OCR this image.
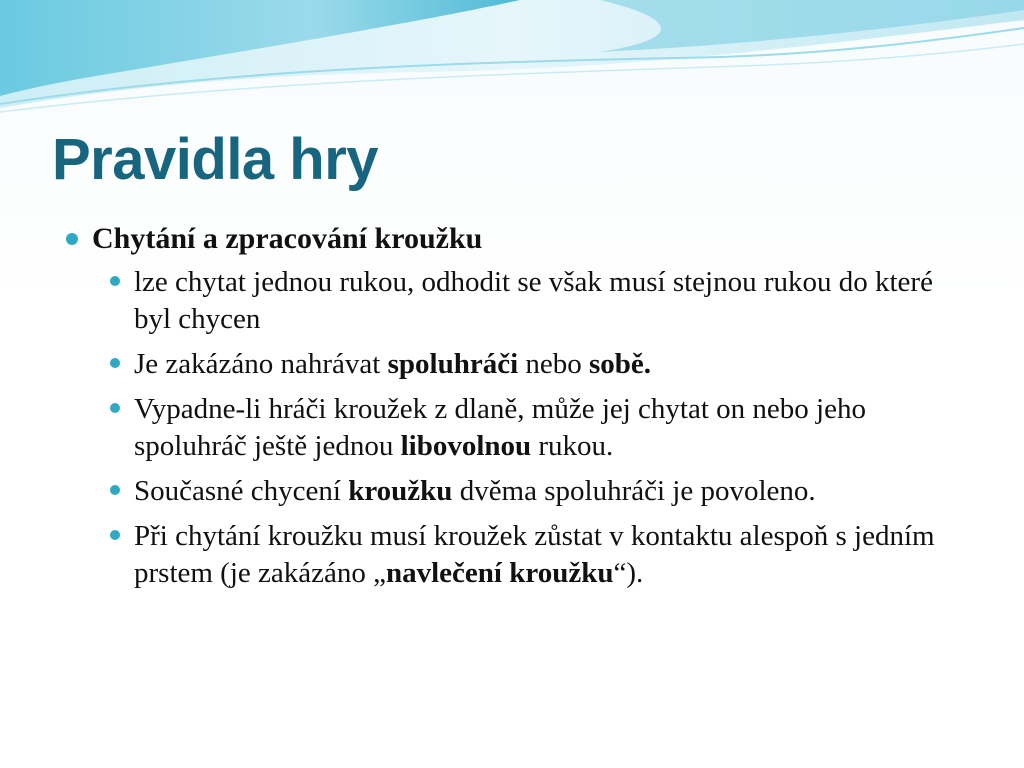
Pravidla hry
Chytání a zpracování kroužku
lze chytat jednou rukou, odhodit se však musí stejnou rukou do které byl chycen
Je zakázáno nahrávat spoluhráči nebo sobě.
Vypadne-li hráči kroužek z dlaně, může jej chytat on nebo jeho spoluhráč ještě jednou libovolnou rukou.
Současné chycení kroužku dvěma spoluhráči je povoleno.
Při chytání kroužku musí kroužek zůstat v kontaktu alespoň s jedním prstem (je zakázáno „navlečení kroužku“).
